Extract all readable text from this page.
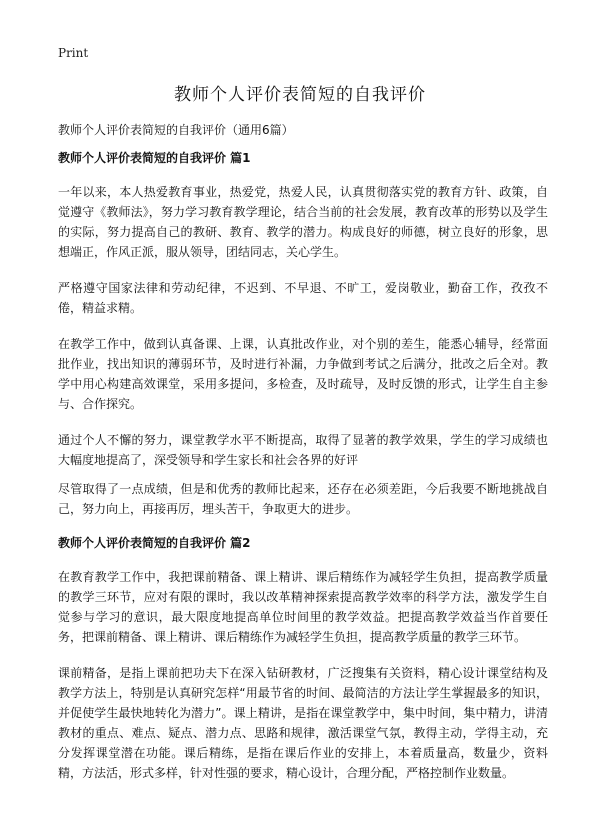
Print
教师个人评价表简短的自我评价

教师个人评价表简短的自我评价（通用6篇）

教师个人评价表简短的自我评价 篇1

一年以来，本人热爱教育事业，热爱党，热爱人民，认真贯彻落实党的教育方针、政策，自觉遵守《教师法》，努力学习教育教学理论，结合当前的社会发展，教育改革的形势以及学生的实际，努力提高自己的教研、教育、教学的潜力。构成良好的师德，树立良好的形象，思想端正，作风正派，服从领导，团结同志，关心学生。

严格遵守国家法律和劳动纪律，不迟到、不早退、不旷工，爱岗敬业，勤奋工作，孜孜不倦，精益求精。

在教学工作中，做到认真备课、上课，认真批改作业，对个别的差生，能悉心辅导，经常面批作业，找出知识的薄弱环节，及时进行补漏，力争做到考试之后满分，批改之后全对。教学中用心构建高效课堂，采用多提问，多检查，及时疏导，及时反馈的形式，让学生自主参与、合作探究。

通过个人不懈的努力，课堂教学水平不断提高，取得了显著的教学效果，学生的学习成绩也大幅度地提高了，深受领导和学生家长和社会各界的好评

尽管取得了一点成绩，但是和优秀的教师比起来，还存在必须差距，今后我要不断地挑战自己，努力向上，再接再厉，埋头苦干，争取更大的进步。

教师个人评价表简短的自我评价 篇2

在教育教学工作中，我把课前精备、课上精讲、课后精练作为减轻学生负担，提高教学质量的教学三环节，应对有限的课时，我以改革精神探索提高教学效率的科学方法，激发学生自觉参与学习的意识，最大限度地提高单位时间里的教学效益。把提高教学效益当作首要任务，把课前精备、课上精讲、课后精练作为减轻学生负担，提高教学质量的教学三环节。

课前精备，是指上课前把功夫下在深入钻研教材，广泛搜集有关资料，精心设计课堂结构及教学方法上，特别是认真研究怎样“用最节省的时间、最简洁的方法让学生掌握最多的知识，并促使学生最快地转化为潜力”。课上精讲，是指在课堂教学中，集中时间，集中精力，讲清教材的重点、难点、疑点、潜力点、思路和规律，激活课堂气氛，教得主动，学得主动，充分发挥课堂潜在功能。课后精练，是指在课后作业的安排上，本着质量高，数量少，资料精，方法活，形式多样，针对性强的要求，精心设计，合理分配，严格控制作业数量。
